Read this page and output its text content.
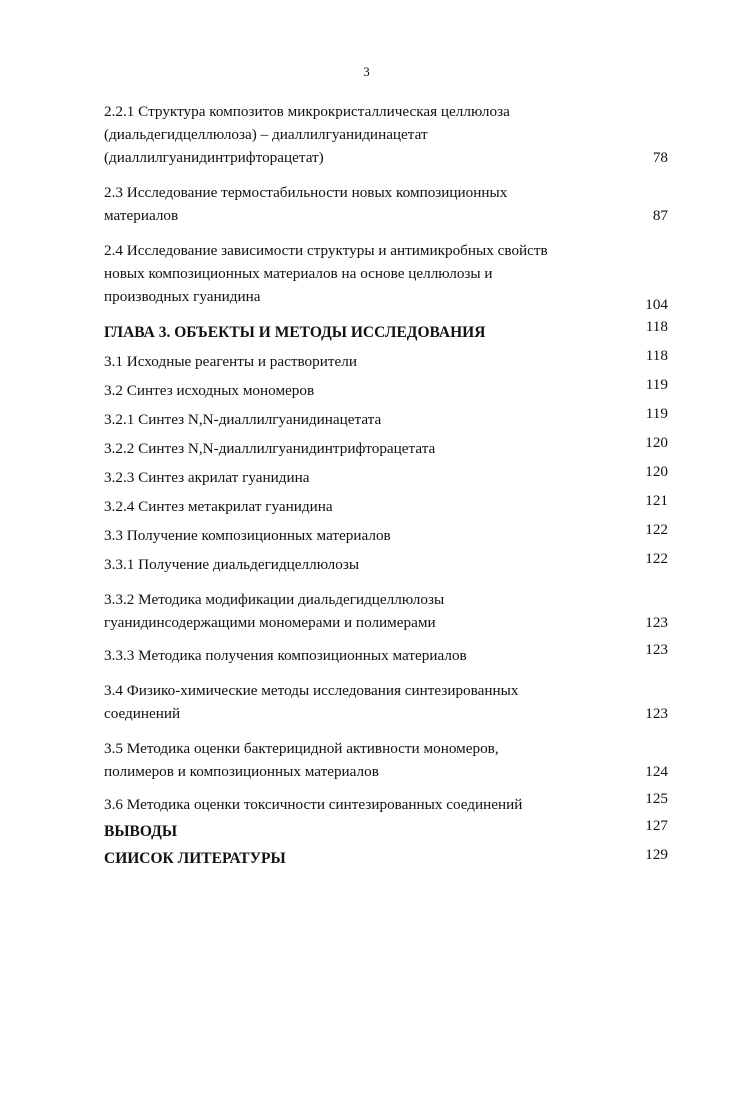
3
2.2.1 Структура композитов микрокристаллическая целлюлоза
(диальдегидцеллюлоза) – диаллилгуанидинацетат
(диаллилгуанидинтрифторацетат)	78
2.3 Исследование термостабильности новых композиционных
материалов	87
2.4 Исследование зависимости структуры и антимикробных свойств
новых композиционных материалов на основе целлюлозы и
производных гуанидина	104
ГЛАВА 3. ОБЪЕКТЫ И МЕТОДЫ ИССЛЕДОВАНИЯ	118
3.1 Исходные реагенты и растворители	118
3.2 Синтез исходных мономеров	119
3.2.1 Синтез N,N-диаллилгуанидинацетата	119
3.2.2 Синтез N,N-диаллилгуанидинтрифторацетата	120
3.2.3 Синтез акрилат гуанидина	120
3.2.4 Синтез метакрилат гуанидина	121
3.3 Получение композиционных материалов	122
3.3.1 Получение диальдегидцеллюлозы	122
3.3.2 Методика модификации диальдегидцеллюлозы
гуанидинсодержащими мономерами и полимерами	123
3.3.3 Методика получения композиционных материалов	123
3.4 Физико-химические методы исследования синтезированных
соединений	123
3.5 Методика оценки бактерицидной активности мономеров,
полимеров и композиционных материалов	124
3.6 Методика оценки токсичности синтезированных соединений	125
ВЫВОДЫ	127
СИИСОК ЛИТЕРАТУРЫ	129
